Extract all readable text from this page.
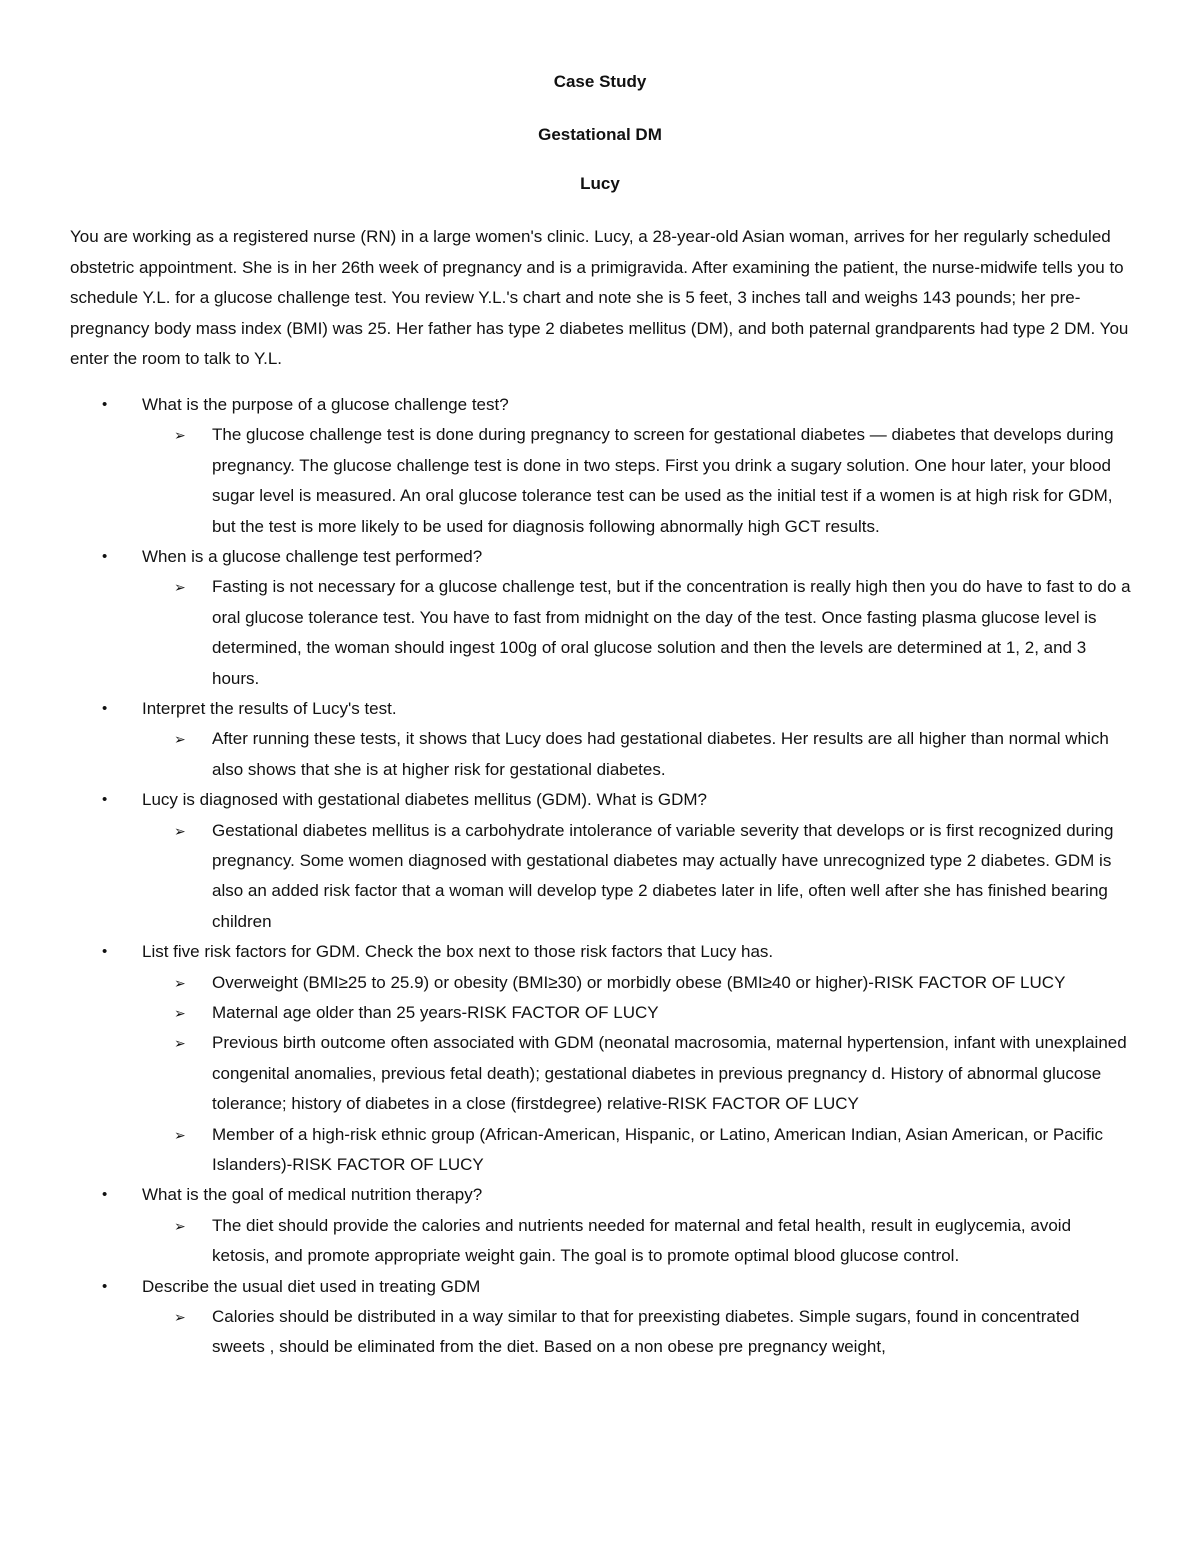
Case Study
Gestational DM
Lucy

You are working as a registered nurse (RN) in a large women's clinic. Lucy, a 28-year-old Asian woman, arrives for her regularly scheduled obstetric appointment. She is in her 26th week of pregnancy and is a primigravida. After examining the patient, the nurse-midwife tells you to schedule Y.L. for a glucose challenge test. You review Y.L.'s chart and note she is 5 feet, 3 inches tall and weighs 143 pounds; her pre-pregnancy body mass index (BMI) was 25. Her father has type 2 diabetes mellitus (DM), and both paternal grandparents had type 2 DM. You enter the room to talk to Y.L.

• What is the purpose of a glucose challenge test?
➢ The glucose challenge test is done during pregnancy to screen for gestational diabetes — diabetes that develops during pregnancy. The glucose challenge test is done in two steps. First you drink a sugary solution. One hour later, your blood sugar level is measured. An oral glucose tolerance test can be used as the initial test if a women is at high risk for GDM, but the test is more likely to be used for diagnosis following abnormally high GCT results.
• When is a glucose challenge test performed?
➢ Fasting is not necessary for a glucose challenge test, but if the concentration is really high then you do have to fast to do a oral glucose tolerance test. You have to fast from midnight on the day of the test. Once fasting plasma glucose level is determined, the woman should ingest 100g of oral glucose solution and then the levels are determined at 1, 2, and 3 hours.
• Interpret the results of Lucy's test.
➢ After running these tests, it shows that Lucy does had gestational diabetes. Her results are all higher than normal which also shows that she is at higher risk for gestational diabetes.
• Lucy is diagnosed with gestational diabetes mellitus (GDM). What is GDM?
➢ Gestational diabetes mellitus is a carbohydrate intolerance of variable severity that develops or is first recognized during pregnancy. Some women diagnosed with gestational diabetes may actually have unrecognized type 2 diabetes. GDM is also an added risk factor that a woman will develop type 2 diabetes later in life, often well after she has finished bearing children
• List five risk factors for GDM. Check the box next to those risk factors that Lucy has.
➢ Overweight (BMI≥25 to 25.9) or obesity (BMI≥30) or morbidly obese (BMI≥40 or higher)-RISK FACTOR OF LUCY
➢ Maternal age older than 25 years-RISK FACTOR OF LUCY
➢ Previous birth outcome often associated with GDM (neonatal macrosomia, maternal hypertension, infant with unexplained congenital anomalies, previous fetal death); gestational diabetes in previous pregnancy d. History of abnormal glucose tolerance; history of diabetes in a close (firstdegree) relative-RISK FACTOR OF LUCY
➢ Member of a high-risk ethnic group (African-American, Hispanic, or Latino, American Indian, Asian American, or Pacific Islanders)-RISK FACTOR OF LUCY
• What is the goal of medical nutrition therapy?
➢ The diet should provide the calories and nutrients needed for maternal and fetal health, result in euglycemia, avoid ketosis, and promote appropriate weight gain. The goal is to promote optimal blood glucose control.
• Describe the usual diet used in treating GDM
➢ Calories should be distributed in a way similar to that for preexisting diabetes. Simple sugars, found in concentrated sweets , should be eliminated from the diet. Based on a non obese pre pregnancy weight,
